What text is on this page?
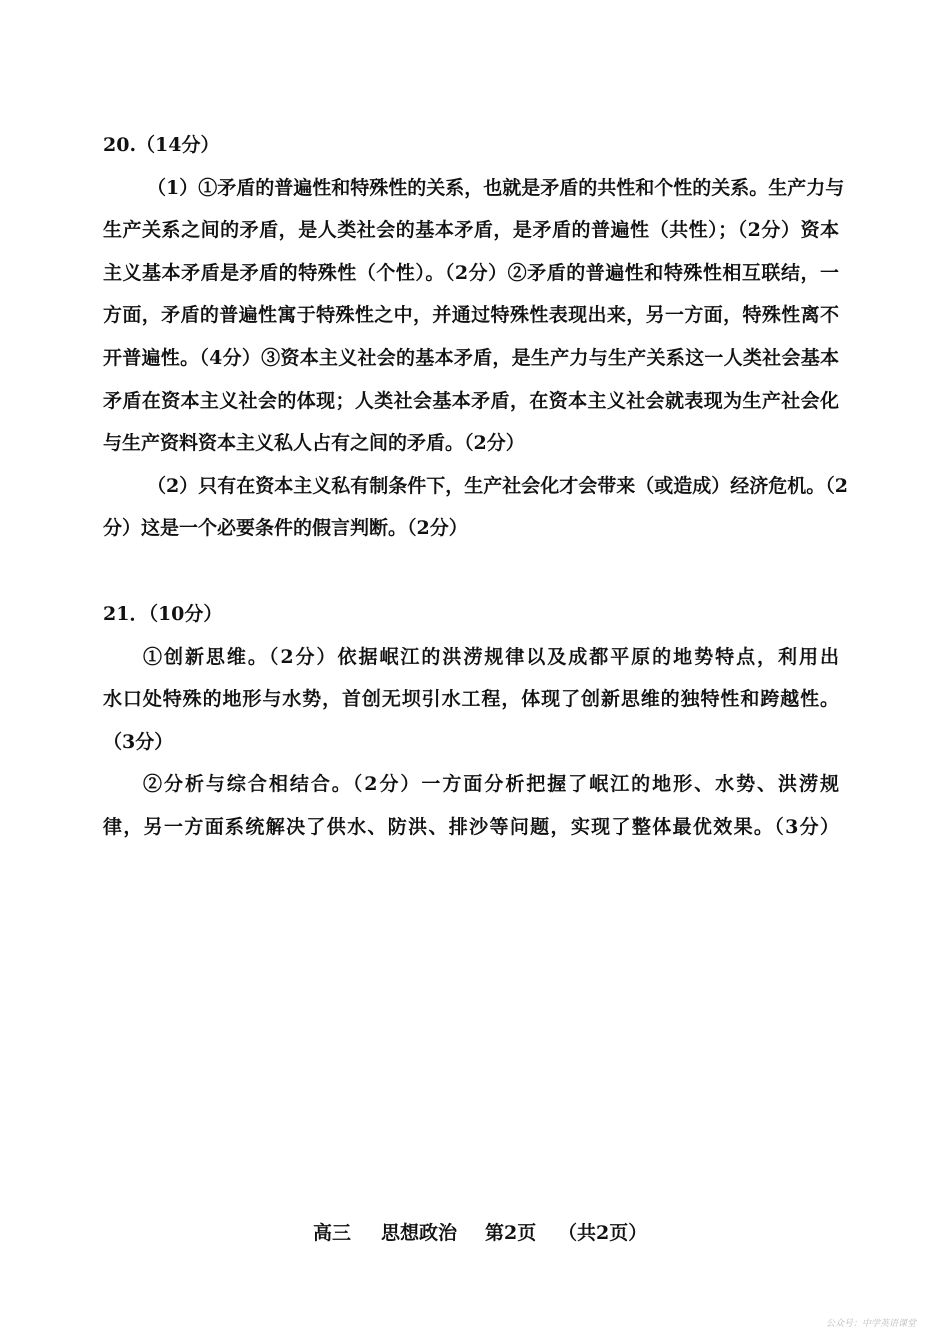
20.（14分）
（1）①矛盾的普遍性和特殊性的关系，也就是矛盾的共性和个性的关系。生产力与
生产关系之间的矛盾，是人类社会的基本矛盾，是矛盾的普遍性（共性）；（2分）资本
主义基本矛盾是矛盾的特殊性（个性）。（2分）②矛盾的普遍性和特殊性相互联结，一
方面，矛盾的普遍性寓于特殊性之中，并通过特殊性表现出来，另一方面，特殊性离不
开普遍性。（4分）③资本主义社会的基本矛盾，是生产力与生产关系这一人类社会基本
矛盾在资本主义社会的体现；人类社会基本矛盾，在资本主义社会就表现为生产社会化
与生产资料资本主义私人占有之间的矛盾。（2分）
（2）只有在资本主义私有制条件下，生产社会化才会带来（或造成）经济危机。（2
分）这是一个必要条件的假言判断。（2分）
21．（10分）
①创新思维。（2分）依据岷江的洪涝规律以及成都平原的地势特点，利用出
水口处特殊的地形与水势，首创无坝引水工程，体现了创新思维的独特性和跨越性。
（3分）
②分析与综合相结合。（2分）一方面分析把握了岷江的地形、水势、洪涝规
律，另一方面系统解决了供水、防洪、排沙等问题，实现了整体最优效果。（3分）
高三 思想政治 第2页 （共2页）
公众号：中学英语课堂
